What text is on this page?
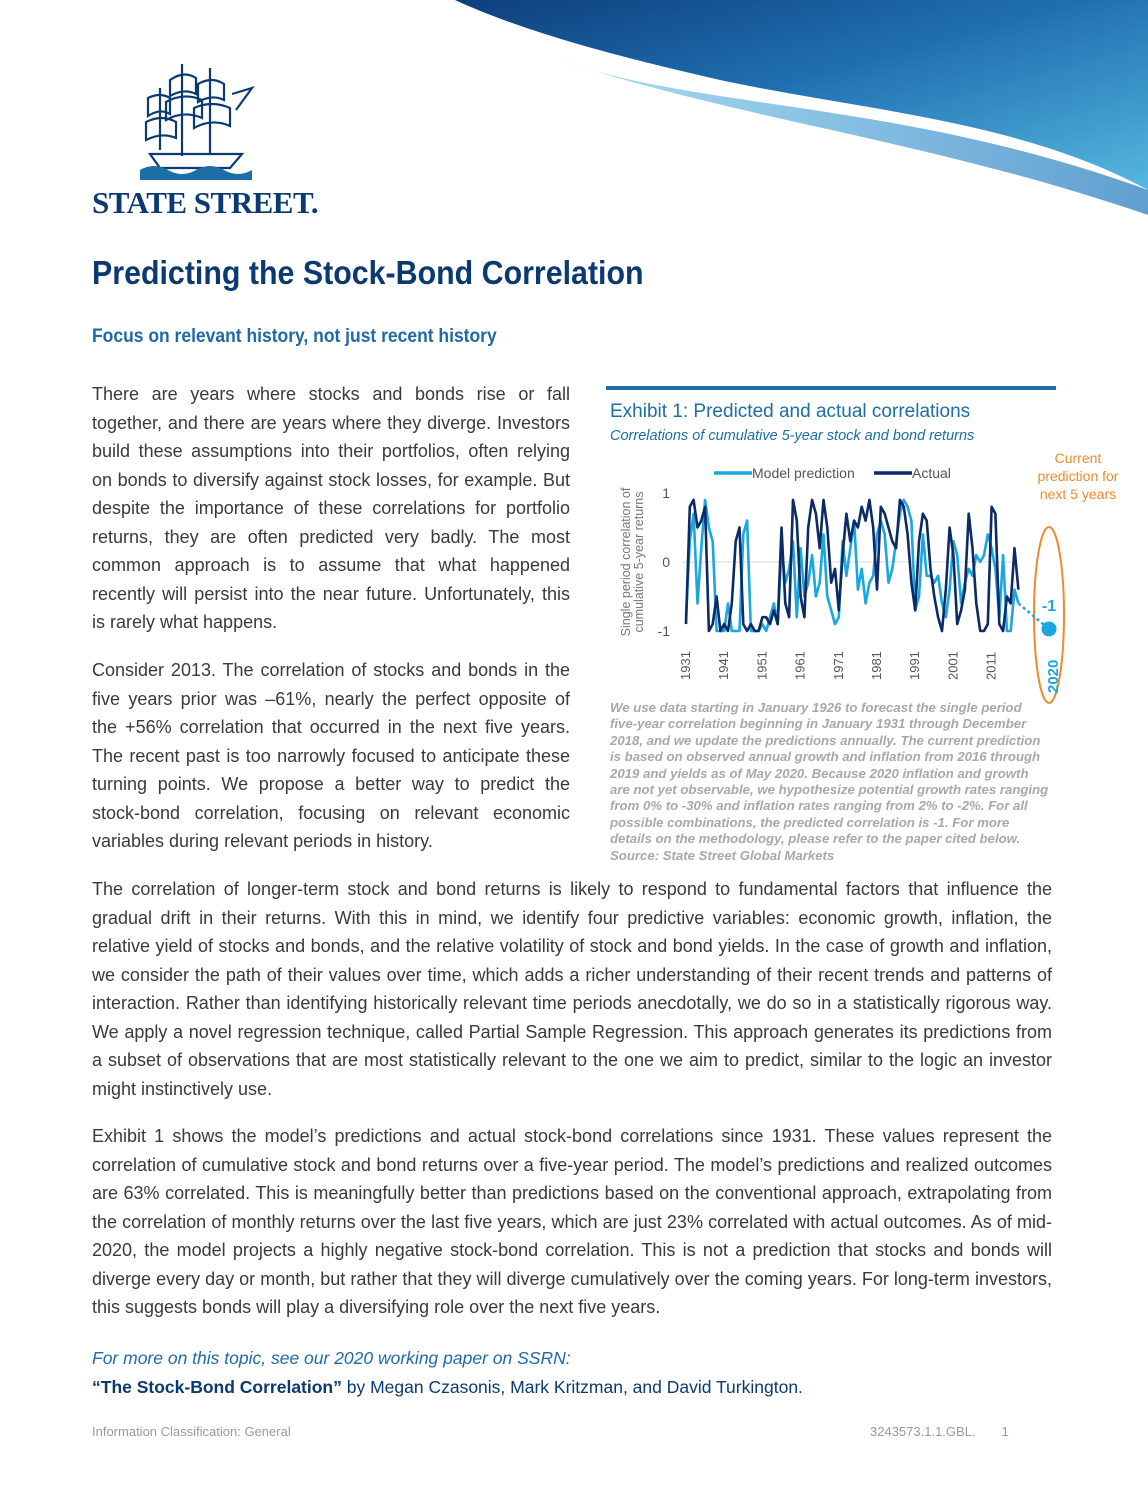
STATE STREET.
Predicting the Stock-Bond Correlation
Focus on relevant history, not just recent history

There are years where stocks and bonds rise or fall together, and there are years where they diverge. Investors build these assumptions into their portfolios, often relying on bonds to diversify against stock losses, for example. But despite the importance of these correlations for portfolio returns, they are often predicted very badly. The most common approach is to assume that what happened recently will persist into the near future. Unfortunately, this is rarely what happens.

Consider 2013. The correlation of stocks and bonds in the five years prior was –61%, nearly the perfect opposite of the +56% correlation that occurred in the next five years. The recent past is too narrowly focused to anticipate these turning points. We propose a better way to predict the stock-bond correlation, focusing on relevant economic variables during relevant periods in history.

The correlation of longer-term stock and bond returns is likely to respond to fundamental factors that influence the gradual drift in their returns. With this in mind, we identify four predictive variables: economic growth, inflation, the relative yield of stocks and bonds, and the relative volatility of stock and bond yields. In the case of growth and inflation, we consider the path of their values over time, which adds a richer understanding of their recent trends and patterns of interaction. Rather than identifying historically relevant time periods anecdotally, we do so in a statistically rigorous way. We apply a novel regression technique, called Partial Sample Regression. This approach generates its predictions from a subset of observations that are most statistically relevant to the one we aim to predict, similar to the logic an investor might instinctively use.

Exhibit 1 shows the model’s predictions and actual stock-bond correlations since 1931. These values represent the correlation of cumulative stock and bond returns over a five-year period. The model’s predictions and realized outcomes are 63% correlated. This is meaningfully better than predictions based on the conventional approach, extrapolating from the correlation of monthly returns over the last five years, which are just 23% correlated with actual outcomes. As of mid-2020, the model projects a highly negative stock-bond correlation. This is not a prediction that stocks and bonds will diverge every day or month, but rather that they will diverge cumulatively over the coming years. For long-term investors, this suggests bonds will play a diversifying role over the next five years.

Exhibit 1: Predicted and actual correlations
Correlations of cumulative 5-year stock and bond returns
1
0
-1
Single period correlation of cumulative 5-year returns
1931 1941 1951 1961 1971 1981 1991 2001 2011
Model prediction	Actual
Current
prediction for
next 5 years
-1
2020

We use data starting in January 1926 to forecast the single period five-year correlation beginning in January 1931 through December 2018, and we update the predictions annually. The current prediction is based on observed annual growth and inflation from 2016 through 2019 and yields as of May 2020. Because 2020 inflation and growth are not yet observable, we hypothesize potential growth rates ranging from 0% to -30% and inflation rates ranging from 2% to -2%. For all possible combinations, the predicted correlation is -1. For more details on the methodology, please refer to the paper cited below.
Source: State Street Global Markets

For more on this topic, see our 2020 working paper on SSRN:
“The Stock-Bond Correlation” by Megan Czasonis, Mark Kritzman, and David Turkington.
Information Classification: General	3243573.1.1.GBL. 1
